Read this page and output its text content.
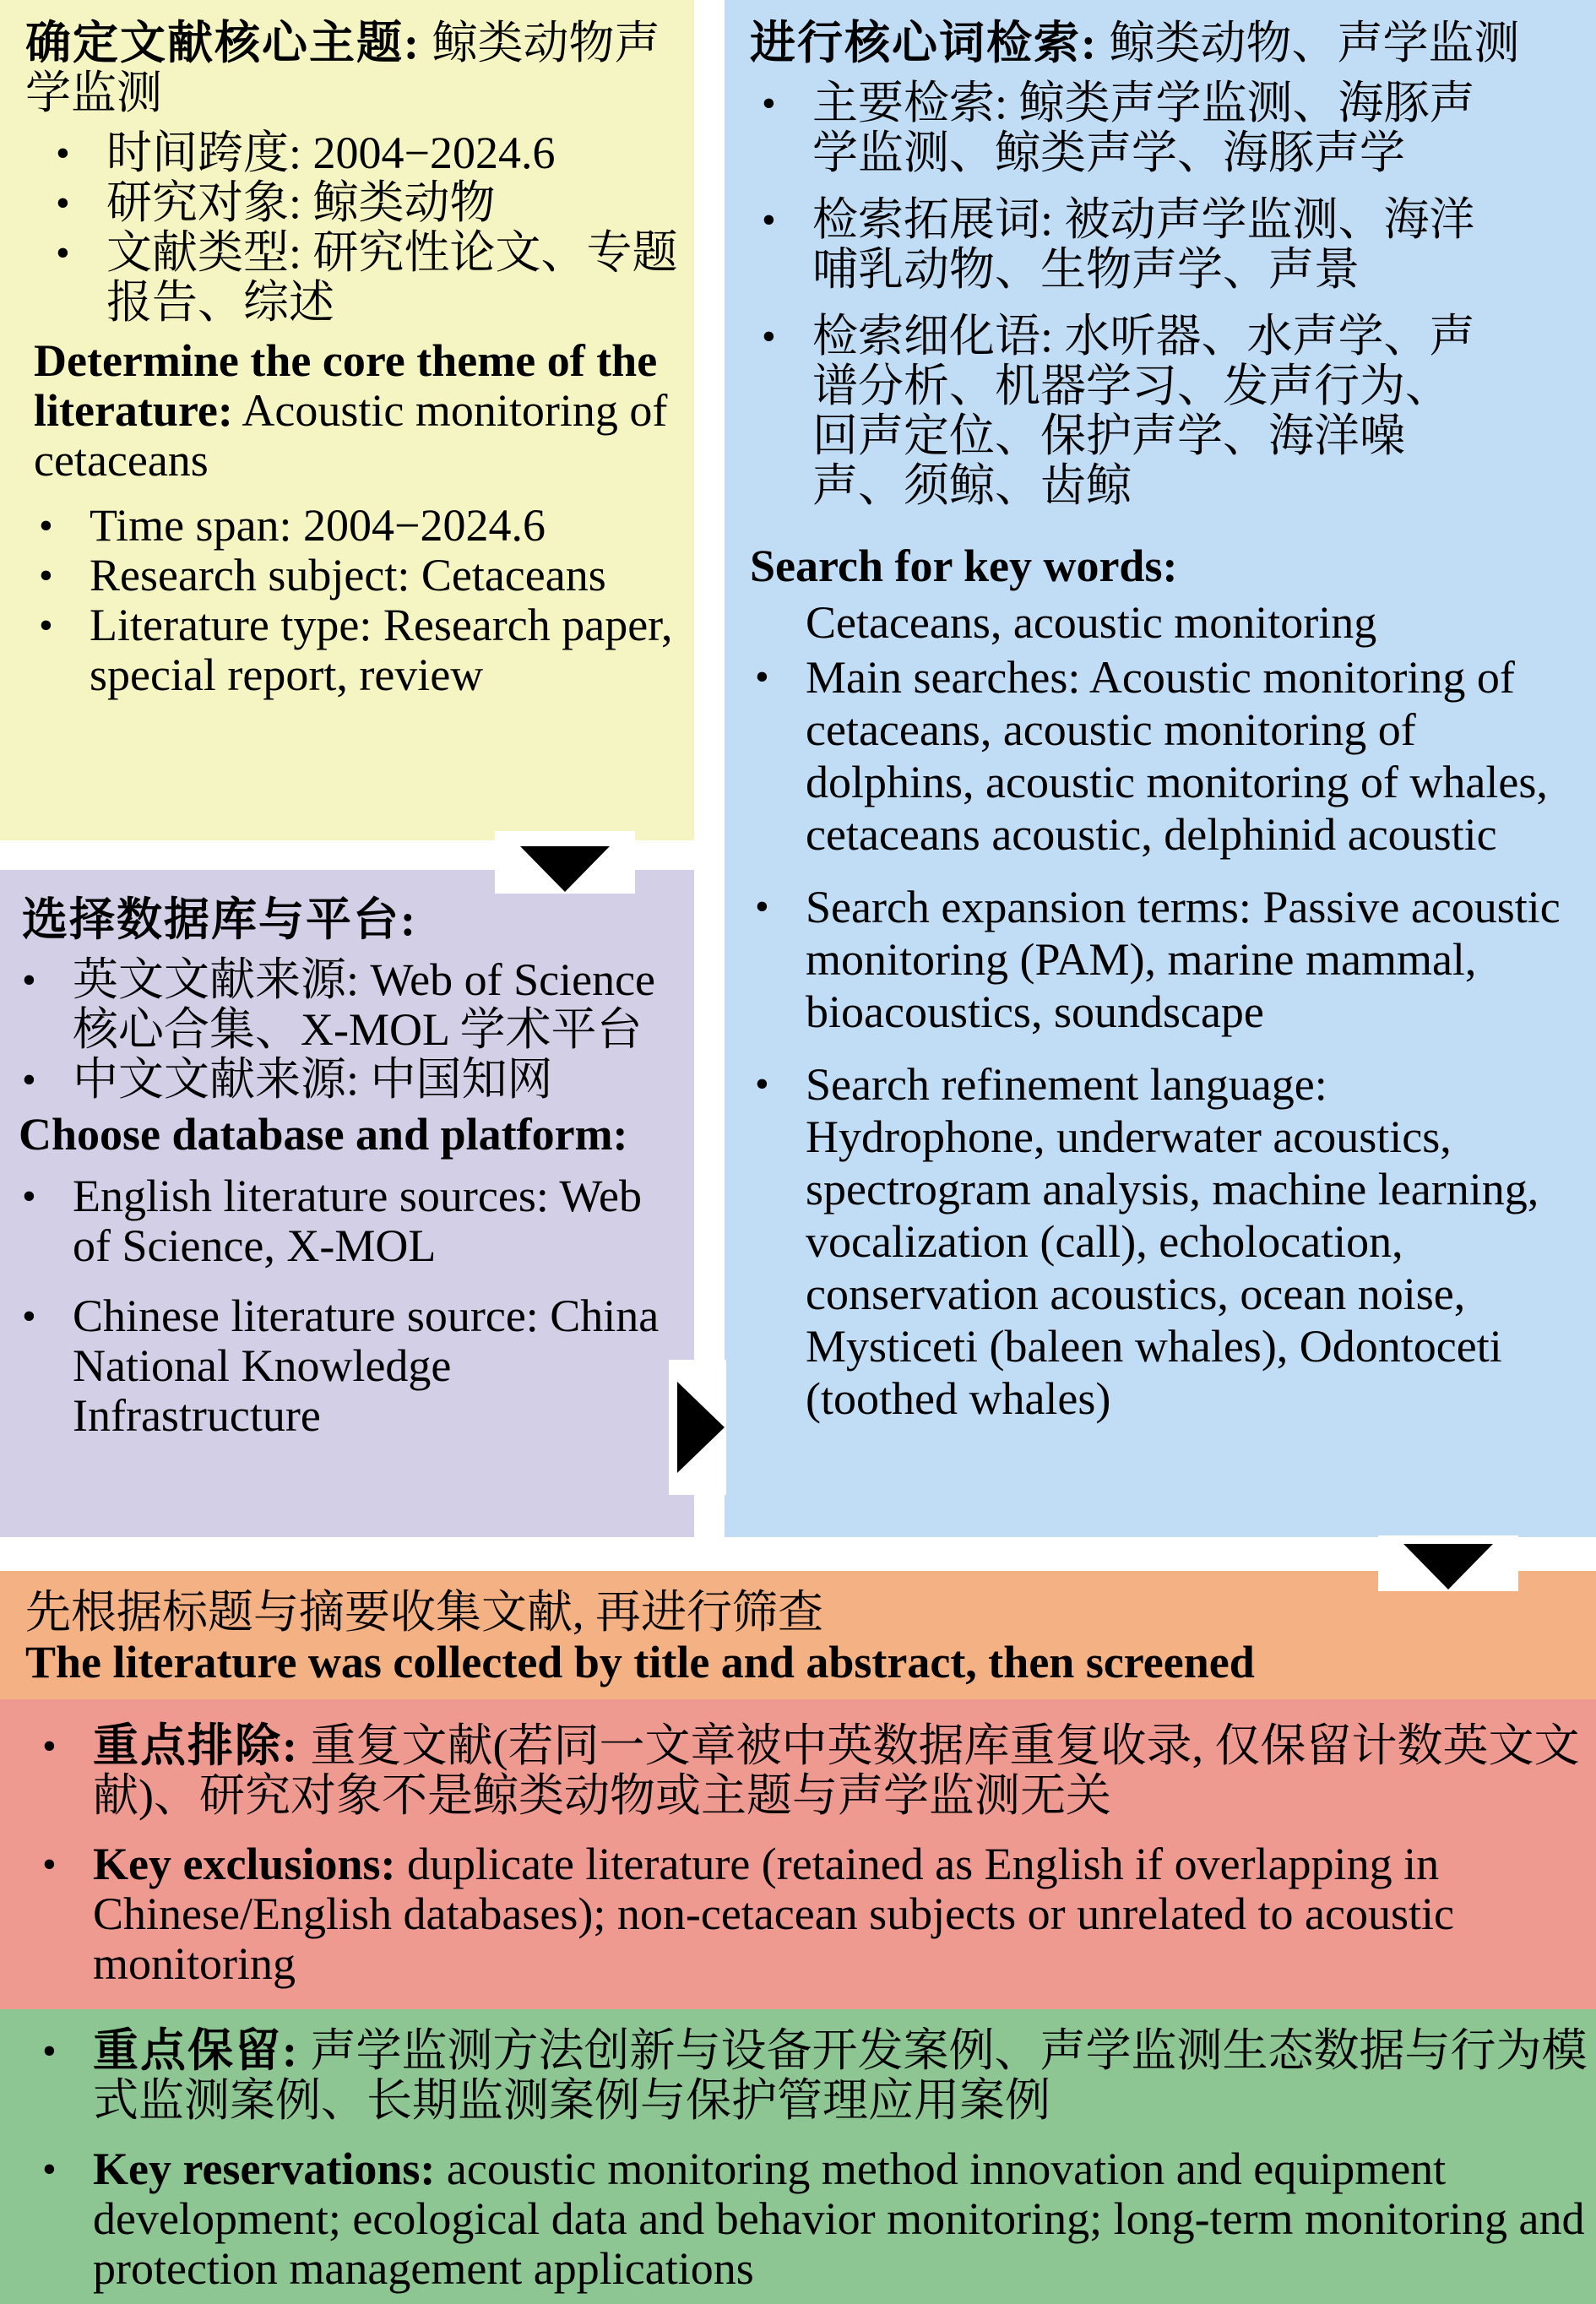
确定文献核心主题: 鲸类动物声学监测

• 时间跨度: 2004−2024.6
• 研究对象: 鲸类动物
• 文献类型: 研究性论文、专题报告、综述

Determine the core theme of the literature: Acoustic monitoring of cetaceans

• Time span: 2004−2024.6
• Research subject: Cetaceans
• Literature type: Research paper, special report, review

选择数据库与平台:

• 英文文献来源: Web of Science 核心合集、X-MOL 学术平台
• 中文文献来源: 中国知网

Choose database and platform:

• English literature sources: Web of Science, X-MOL
• Chinese literature source: China National Knowledge Infrastructure

进行核心词检索: 鲸类动物、声学监测

• 主要检索: 鲸类声学监测、海豚声学监测、鲸类声学、海豚声学
• 检索拓展词: 被动声学监测、海洋哺乳动物、生物声学、声景
• 检索细化语: 水听器、水声学、声谱分析、机器学习、发声行为、回声定位、保护声学、海洋噪声、须鲸、齿鲸

Search for key words:

Cetaceans, acoustic monitoring

• Main searches: Acoustic monitoring of cetaceans, acoustic monitoring of dolphins, acoustic monitoring of whales, cetaceans acoustic, delphinid acoustic
• Search expansion terms: Passive acoustic monitoring (PAM), marine mammal, bioacoustics, soundscape
• Search refinement language: Hydrophone, underwater acoustics, spectrogram analysis, machine learning, vocalization (call), echolocation, conservation acoustics, ocean noise, Mysticeti (baleen whales), Odontoceti (toothed whales)

先根据标题与摘要收集文献, 再进行筛查

The literature was collected by title and abstract, then screened

• 重点排除: 重复文献(若同一文章被中英数据库重复收录, 仅保留计数英文文献)、研究对象不是鲸类动物或主题与声学监测无关
• Key exclusions: duplicate literature (retained as English if overlapping in Chinese/English databases); non-cetacean subjects or unrelated to acoustic monitoring
• 重点保留: 声学监测方法创新与设备开发案例、声学监测生态数据与行为模式监测案例、长期监测案例与保护管理应用案例
• Key reservations: acoustic monitoring method innovation and equipment development; ecological data and behavior monitoring; long-term monitoring and protection management applications
